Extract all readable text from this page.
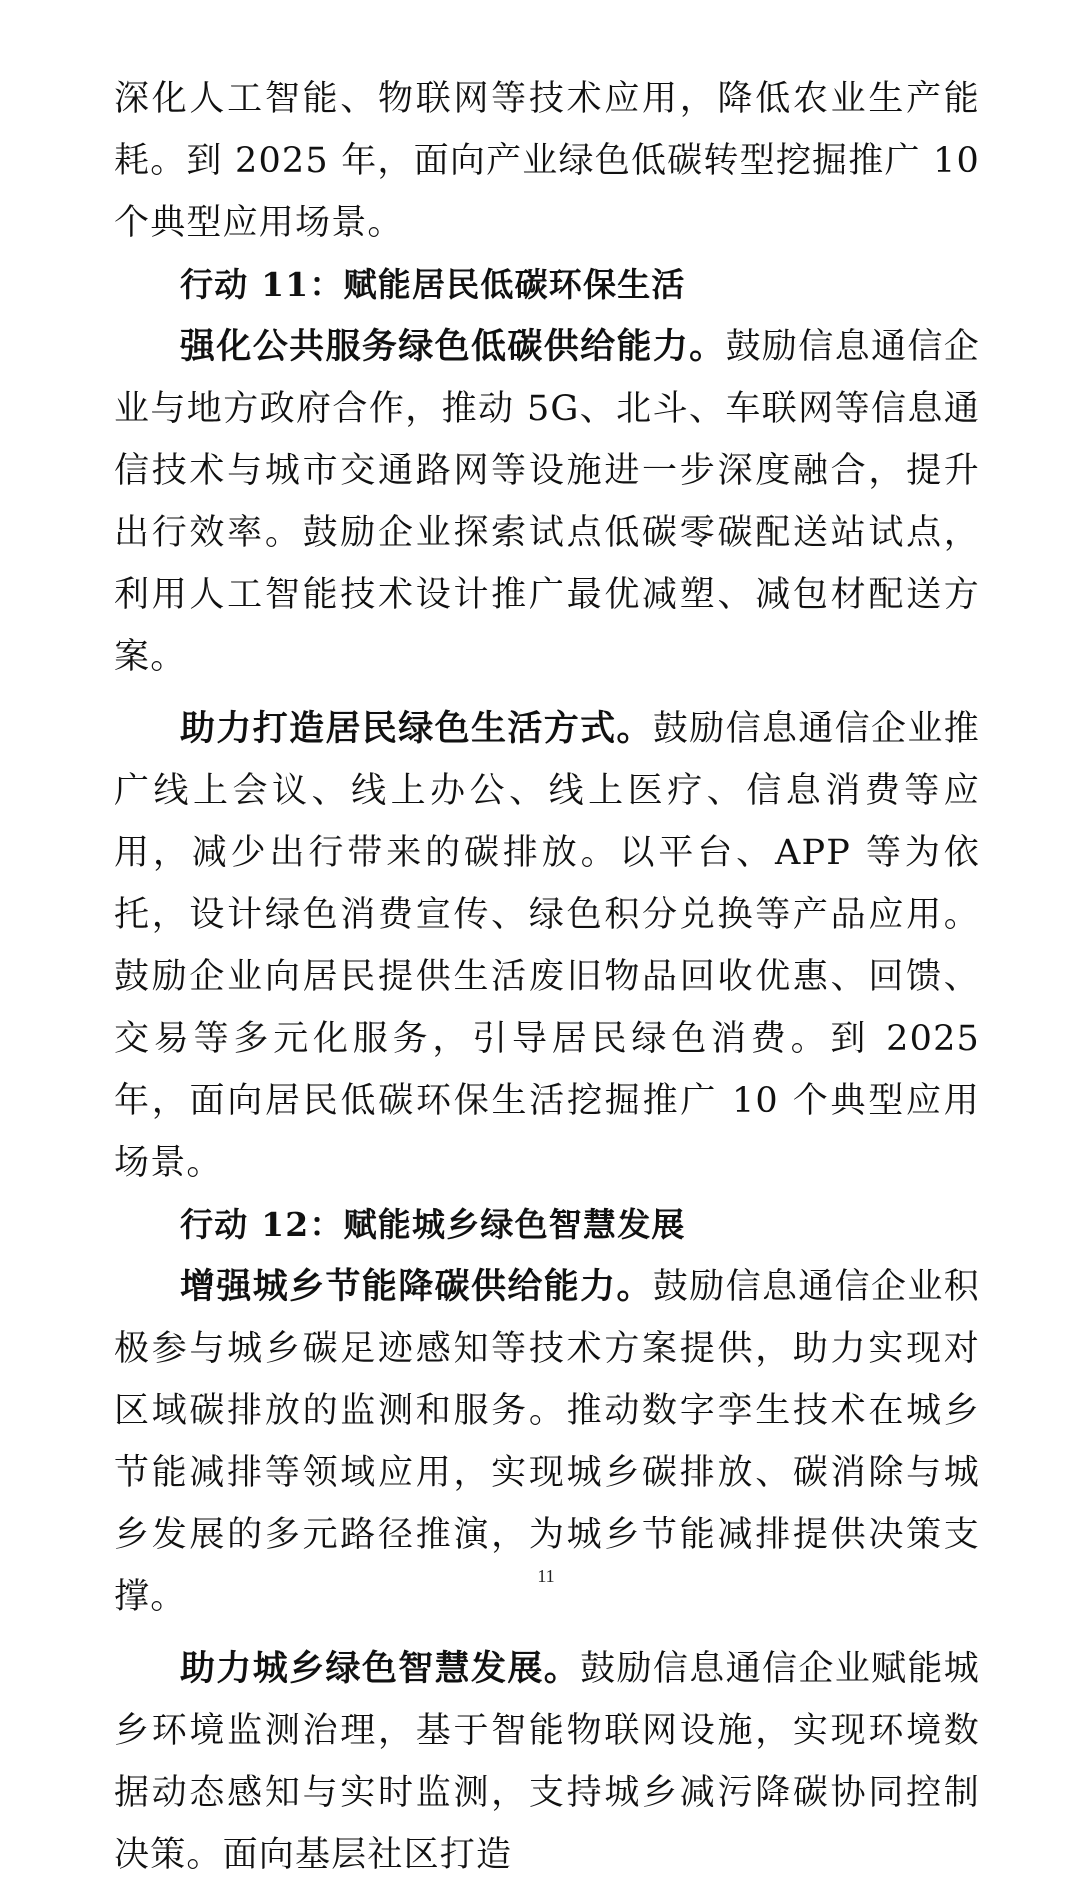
深化人工智能、物联网等技术应用，降低农业生产能耗。到 2025 年，面向产业绿色低碳转型挖掘推广 10 个典型应用场景。

行动 11：赋能居民低碳环保生活

强化公共服务绿色低碳供给能力。鼓励信息通信企业与地方政府合作，推动 5G、北斗、车联网等信息通信技术与城市交通路网等设施进一步深度融合，提升出行效率。鼓励企业探索试点低碳零碳配送站试点，利用人工智能技术设计推广最优减塑、减包材配送方案。

助力打造居民绿色生活方式。鼓励信息通信企业推广线上会议、线上办公、线上医疗、信息消费等应用，减少出行带来的碳排放。以平台、APP 等为依托，设计绿色消费宣传、绿色积分兑换等产品应用。鼓励企业向居民提供生活废旧物品回收优惠、回馈、交易等多元化服务，引导居民绿色消费。到 2025 年，面向居民低碳环保生活挖掘推广 10 个典型应用场景。

行动 12：赋能城乡绿色智慧发展

增强城乡节能降碳供给能力。鼓励信息通信企业积极参与城乡碳足迹感知等技术方案提供，助力实现对区域碳排放的监测和服务。推动数字孪生技术在城乡节能减排等领域应用，实现城乡碳排放、碳消除与城乡发展的多元路径推演，为城乡节能减排提供决策支撑。

助力城乡绿色智慧发展。鼓励信息通信企业赋能城乡环境监测治理，基于智能物联网设施，实现环境数据动态感知与实时监测，支持城乡减污降碳协同控制决策。面向基层社区打造

11
